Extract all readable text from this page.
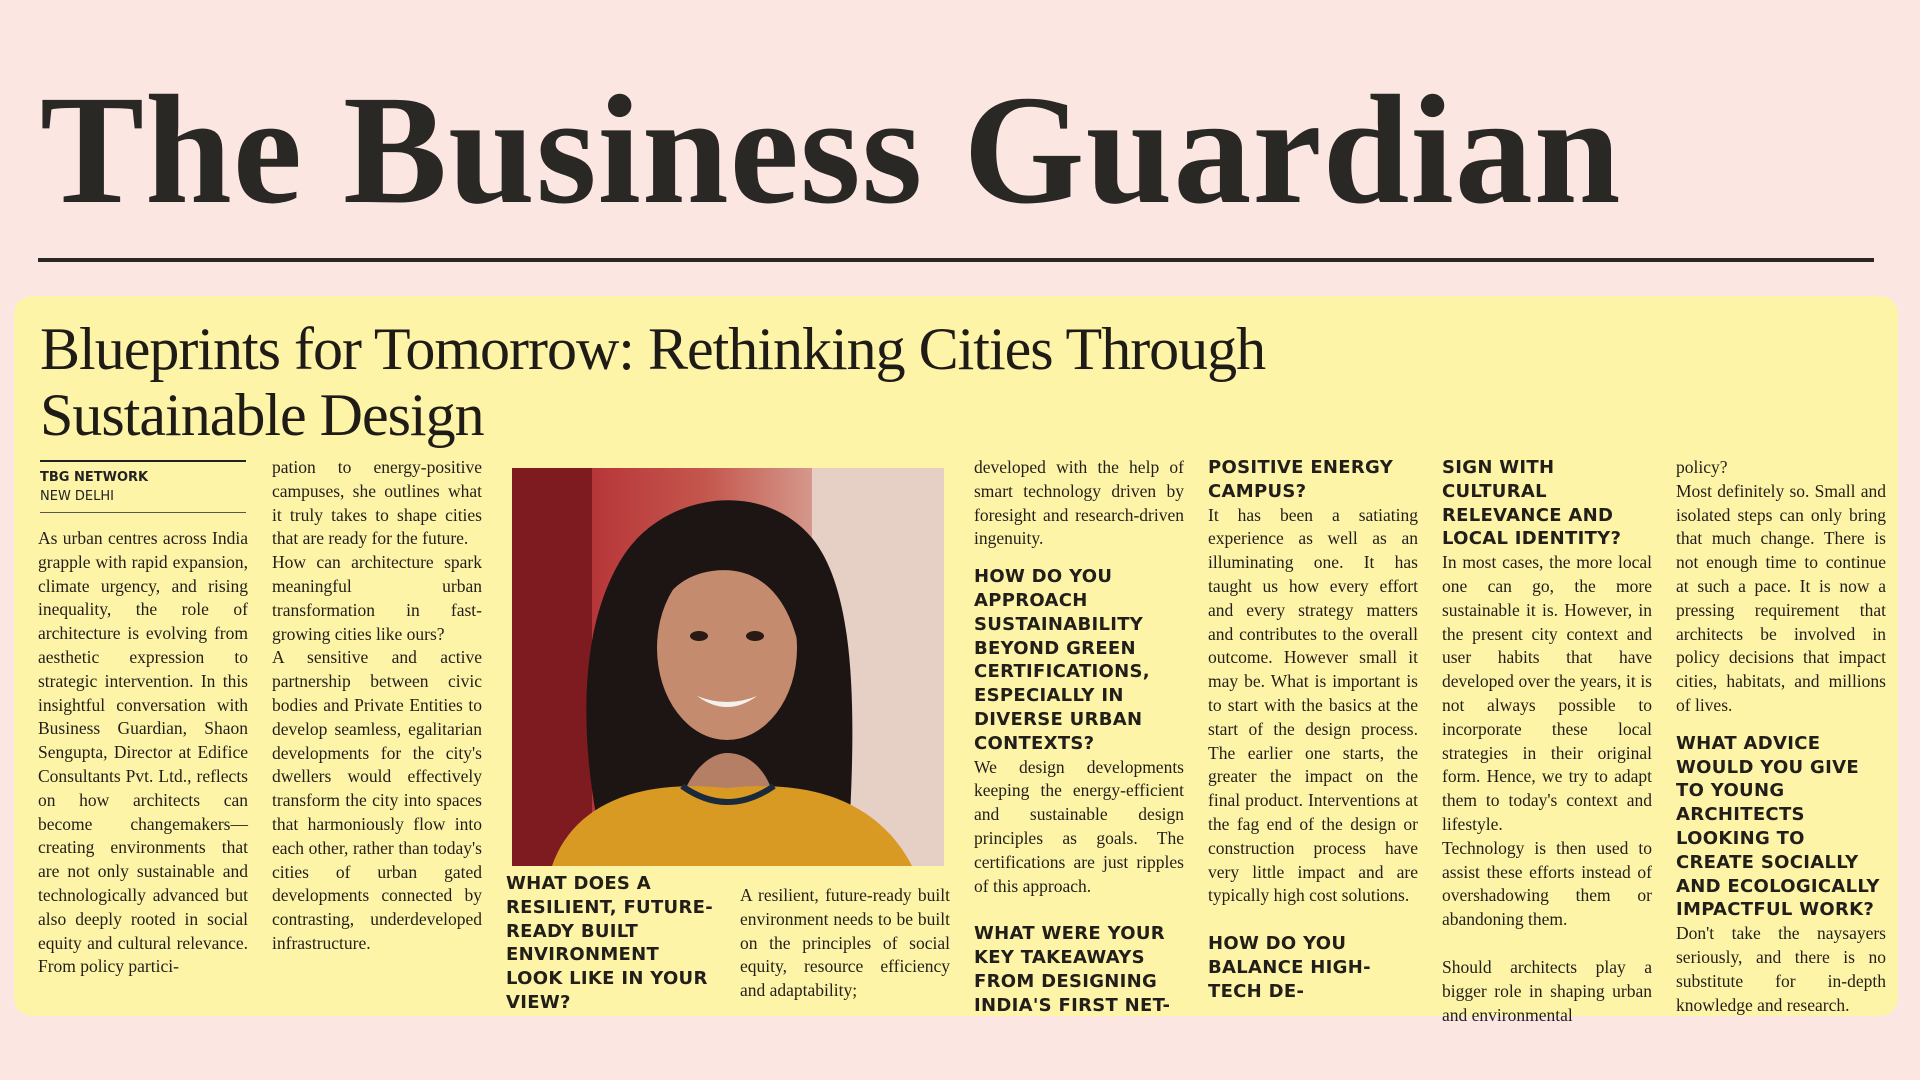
The Business Guardian
Blueprints for Tomorrow: Rethinking Cities Through
Sustainable Design
TBG NETWORK
NEW DELHI

As urban centres across India grapple with rapid expansion, climate urgency, and rising inequality, the role of architecture is evolving from aesthetic expression to strategic intervention. In this insightful conversation with Business Guardian, Shaon Sengupta, Director at Edifice Consultants Pvt. Ltd., reflects on how architects can become changemakers—creating environments that are not only sustainable and technologically advanced but also deeply rooted in social equity and cultural relevance. From policy partici-

pation to energy-positive campuses, she outlines what it truly takes to shape cities that are ready for the future.

How can architecture spark meaningful urban transformation in fast-growing cities like ours?

A sensitive and active partnership between civic bodies and Private Entities to develop seamless, egalitarian developments for the city's dwellers would effectively transform the city into spaces that harmoniously flow into each other, rather than today's cities of urban gated developments connected by contrasting, underdeveloped infrastructure.

WHAT DOES A RESILIENT, FUTURE-READY BUILT ENVIRONMENT LOOK LIKE IN YOUR VIEW?

A resilient, future-ready built environment needs to be built on the principles of social equity, resource efficiency and adaptability;

developed with the help of smart technology driven by foresight and research-driven ingenuity.

HOW DO YOU APPROACH SUSTAINABILITY BEYOND GREEN CERTIFICATIONS, ESPECIALLY IN DIVERSE URBAN CONTEXTS?

We design developments keeping the energy-efficient and sustainable design principles as goals. The certifications are just ripples of this approach.

WHAT WERE YOUR KEY TAKEAWAYS FROM DESIGNING INDIA'S FIRST NET-

POSITIVE ENERGY CAMPUS?

It has been a satiating experience as well as an illuminating one. It has taught us how every effort and every strategy matters and contributes to the overall outcome. However small it may be. What is important is to start with the basics at the start of the design process. The earlier one starts, the greater the impact on the final product. Interventions at the fag end of the design or construction process have very little impact and are typically high cost solutions.

HOW DO YOU BALANCE HIGH-TECH DE-

SIGN WITH CULTURAL RELEVANCE AND LOCAL IDENTITY?

In most cases, the more local one can go, the more sustainable it is. However, in the present city context and user habits that have developed over the years, it is not always possible to incorporate these local strategies in their original form. Hence, we try to adapt them to today's context and lifestyle.

Technology is then used to assist these efforts instead of overshadowing them or abandoning them.

Should architects play a bigger role in shaping urban and environmental

policy?

Most definitely so. Small and isolated steps can only bring that much change. There is not enough time to continue at such a pace. It is now a pressing requirement that architects be involved in policy decisions that impact cities, habitats, and millions of lives.

WHAT ADVICE WOULD YOU GIVE TO YOUNG ARCHITECTS LOOKING TO CREATE SOCIALLY AND ECOLOGICALLY IMPACTFUL WORK?

Don't take the naysayers seriously, and there is no substitute for in-depth knowledge and research.
